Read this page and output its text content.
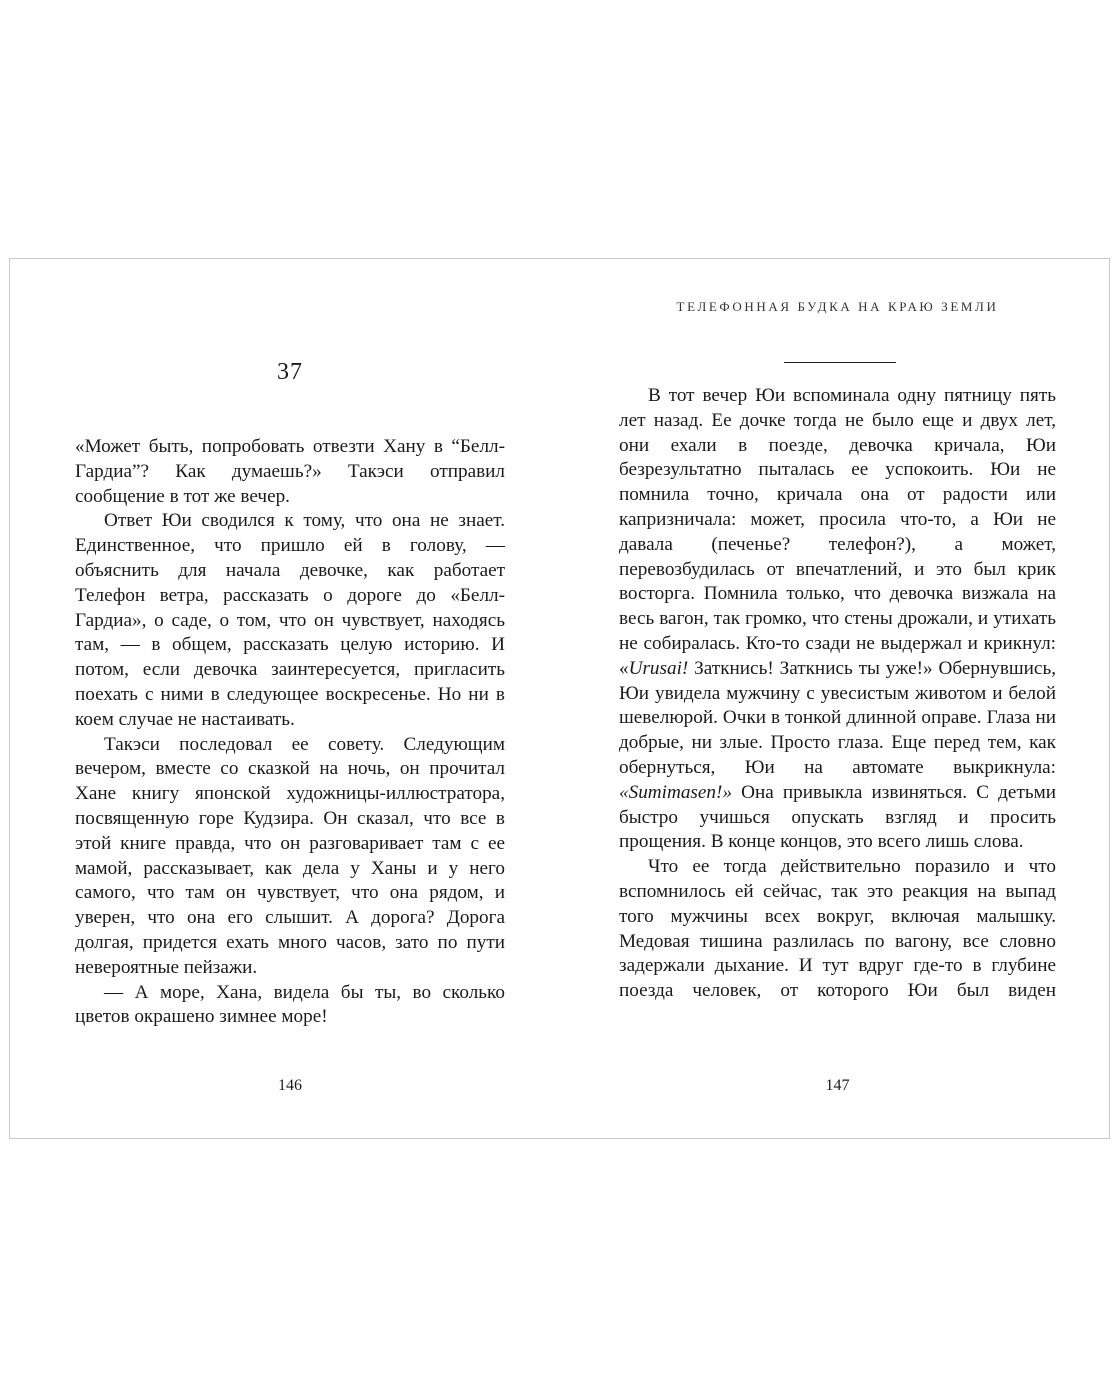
37

«Может быть, попробовать отвезти Хану в “Белл-Гардиа”? Как думаешь?» Такэси отправил сообщение в тот же вечер.

Ответ Юи сводился к тому, что она не знает. Единственное, что пришло ей в голову, — объяснить для начала девочке, как работает Телефон ветра, рассказать о дороге до «Белл-Гардиа», о саде, о том, что он чувствует, находясь там, — в общем, рассказать целую историю. И потом, если девочка заинтересуется, пригласить поехать с ними в следующее воскресенье. Но ни в коем случае не настаивать.

Такэси последовал ее совету. Следующим вечером, вместе со сказкой на ночь, он прочитал Хане книгу японской художницы-иллюстратора, посвященную горе Кудзира. Он сказал, что все в этой книге правда, что он разговаривает там с ее мамой, рассказывает, как дела у Ханы и у него самого, что там он чувствует, что она рядом, и уверен, что она его слышит. А дорога? Дорога долгая, придется ехать много часов, зато по пути невероятные пейзажи.

— А море, Хана, видела бы ты, во сколько цветов окрашено зимнее море!

146
ТЕЛЕФОННАЯ БУДКА НА КРАЮ ЗЕМЛИ

В тот вечер Юи вспоминала одну пятницу пять лет назад. Ее дочке тогда не было еще и двух лет, они ехали в поезде, девочка кричала, Юи безрезультатно пыталась ее успокоить. Юи не помнила точно, кричала она от радости или капризничала: может, просила что-то, а Юи не давала (печенье? телефон?), а может, перевозбудилась от впечатлений, и это был крик восторга. Помнила только, что девочка визжала на весь вагон, так громко, что стены дрожали, и утихать не собиралась. Кто-то сзади не выдержал и крикнул: «Urusai! Заткнись! Заткнись ты уже!» Обернувшись, Юи увидела мужчину с увесистым животом и белой шевелюрой. Очки в тонкой длинной оправе. Глаза ни добрые, ни злые. Просто глаза. Еще перед тем, как обернуться, Юи на автомате выкрикнула: «Sumimasen!» Она привыкла извиняться. С детьми быстро учишься опускать взгляд и просить прощения. В конце концов, это всего лишь слова.

Что ее тогда действительно поразило и что вспомнилось ей сейчас, так это реакция на выпад того мужчины всех вокруг, включая малышку. Медовая тишина разлилась по вагону, все словно задержали дыхание. И тут вдруг где-то в глубине поезда человек, от которого Юи был виден

147
